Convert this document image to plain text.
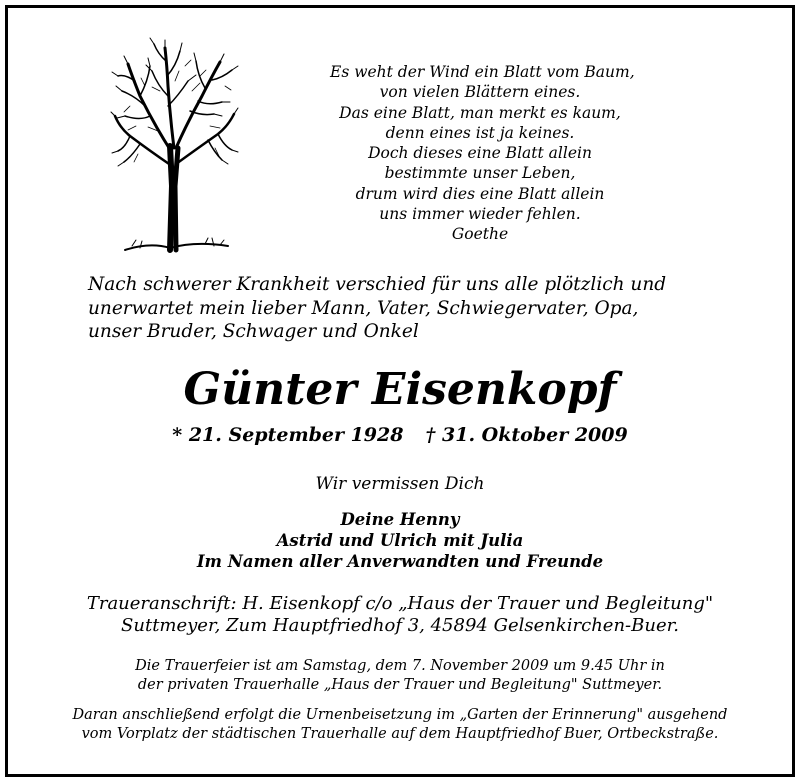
Es weht der Wind ein Blatt vom Baum,
von vielen Blättern eines.
Das eine Blatt, man merkt es kaum,
denn eines ist ja keines.
Doch dieses eine Blatt allein
bestimmte unser Leben,
drum wird dies eine Blatt allein
uns immer wieder fehlen.
Goethe
Nach schwerer Krankheit verschied für uns alle plötzlich und
unerwartet mein lieber Mann, Vater, Schwiegervater, Opa,
unser Bruder, Schwager und Onkel
Günter Eisenkopf
* 21. September 1928 † 31. Oktober 2009
Wir vermissen Dich
Deine Henny
Astrid und Ulrich mit Julia
Im Namen aller Anverwandten und Freunde
Traueranschrift: H. Eisenkopf c/o „Haus der Trauer und Begleitung"
Suttmeyer, Zum Hauptfriedhof 3, 45894 Gelsenkirchen-Buer.
Die Trauerfeier ist am Samstag, dem 7. November 2009 um 9.45 Uhr in
der privaten Trauerhalle „Haus der Trauer und Begleitung" Suttmeyer.
Daran anschließend erfolgt die Urnenbeisetzung im „Garten der Erinnerung" ausgehend
vom Vorplatz der städtischen Trauerhalle auf dem Hauptfriedhof Buer, Ortbeckstraße.
